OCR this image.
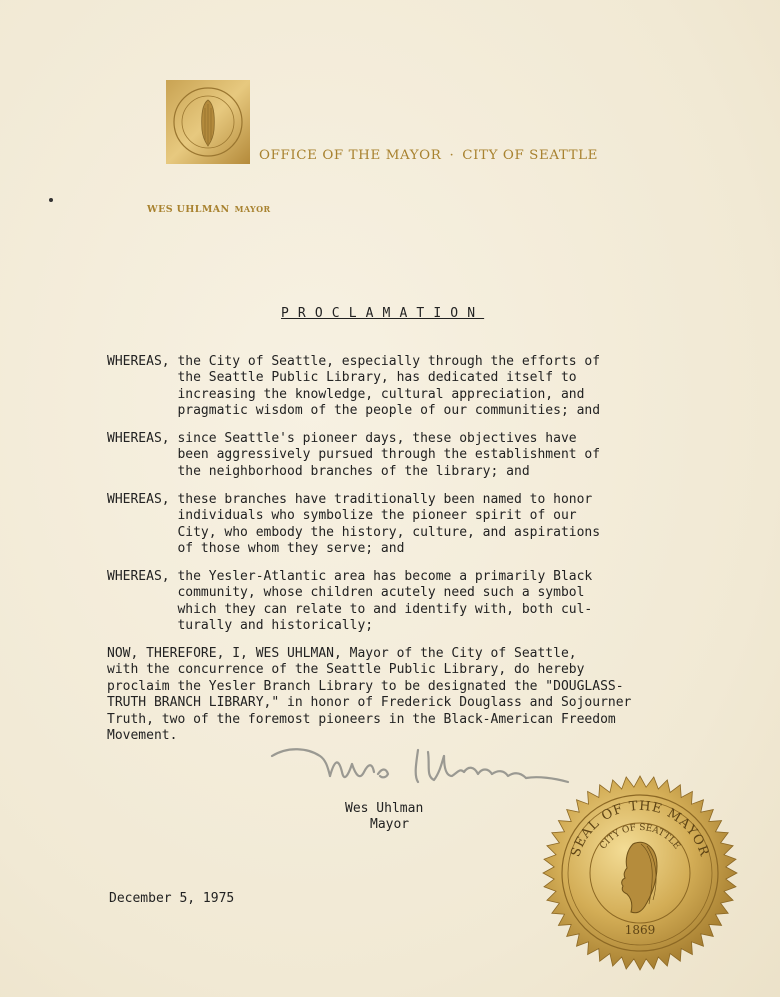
OFFICE OF THE MAYOR · CITY OF SEATTLE
WES UHLMAN MAYOR
PROCLAMATION
WHEREAS, the City of Seattle, especially through the efforts of
the Seattle Public Library, has dedicated itself to
increasing the knowledge, cultural appreciation, and
pragmatic wisdom of the people of our communities; and
WHEREAS, since Seattle's pioneer days, these objectives have
been aggressively pursued through the establishment of
the neighborhood branches of the library; and
WHEREAS, these branches have traditionally been named to honor
individuals who symbolize the pioneer spirit of our
City, who embody the history, culture, and aspirations
of those whom they serve; and
WHEREAS, the Yesler-Atlantic area has become a primarily Black
community, whose children acutely need such a symbol
which they can relate to and identify with, both cul-
turally and historically;
NOW, THEREFORE, I, WES UHLMAN, Mayor of the City of Seattle,
with the concurrence of the Seattle Public Library, do hereby
proclaim the Yesler Branch Library to be designated the "DOUGLASS-
TRUTH BRANCH LIBRARY," in honor of Frederick Douglass and Sojourner
Truth, two of the foremost pioneers in the Black-American Freedom
Movement.
Wes Uhlman
Mayor
December 5, 1975
SEAL OF THE MAYOR
CITY OF SEATTLE
1869
